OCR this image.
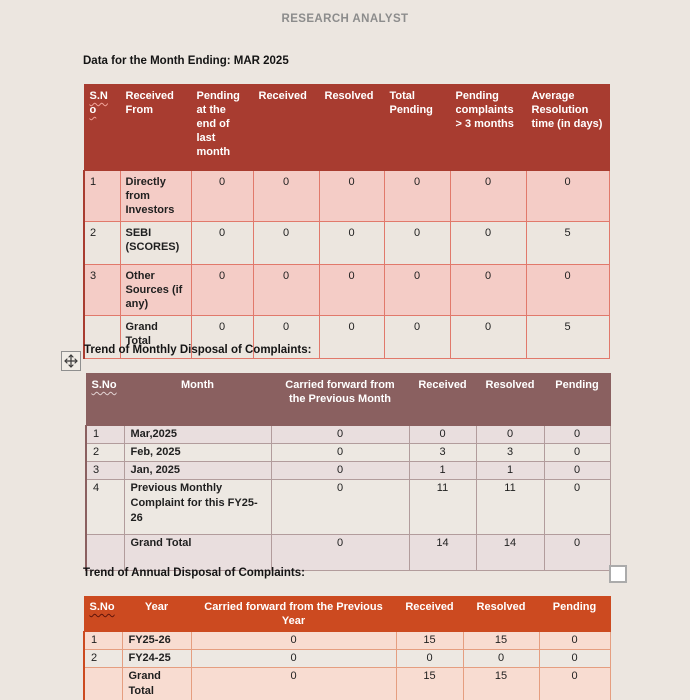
RESEARCH ANALYST
Data for the Month Ending: MAR 2025
S.No	Received From	Pending at the end of last month	Received	Resolved	Total Pending	Pending complaints > 3 months	Average Resolution time (in days)
1	Directly from Investors	0	0	0	0	0	0
2	SEBI (SCORES)	0	0	0	0	0	5
3	Other Sources (if any)	0	0	0	0	0	0
	Grand Total	0	0	0	0	0	5
Trend of Monthly Disposal of Complaints:
S.No	Month	Carried forward from the Previous Month	Received	Resolved	Pending
1	Mar,2025	0	0	0	0
2	Feb, 2025	0	3	3	0
3	Jan, 2025	0	1	1	0
4	Previous Monthly Complaint for this FY25-26	0	11	11	0
	Grand Total	0	14	14	0
Trend of Annual Disposal of Complaints:
S.No	Year	Carried forward from the Previous Year	Received	Resolved	Pending
1	FY25-26	0	15	15	0
2	FY24-25	0	0	0	0
	Grand Total	0	15	15	0
